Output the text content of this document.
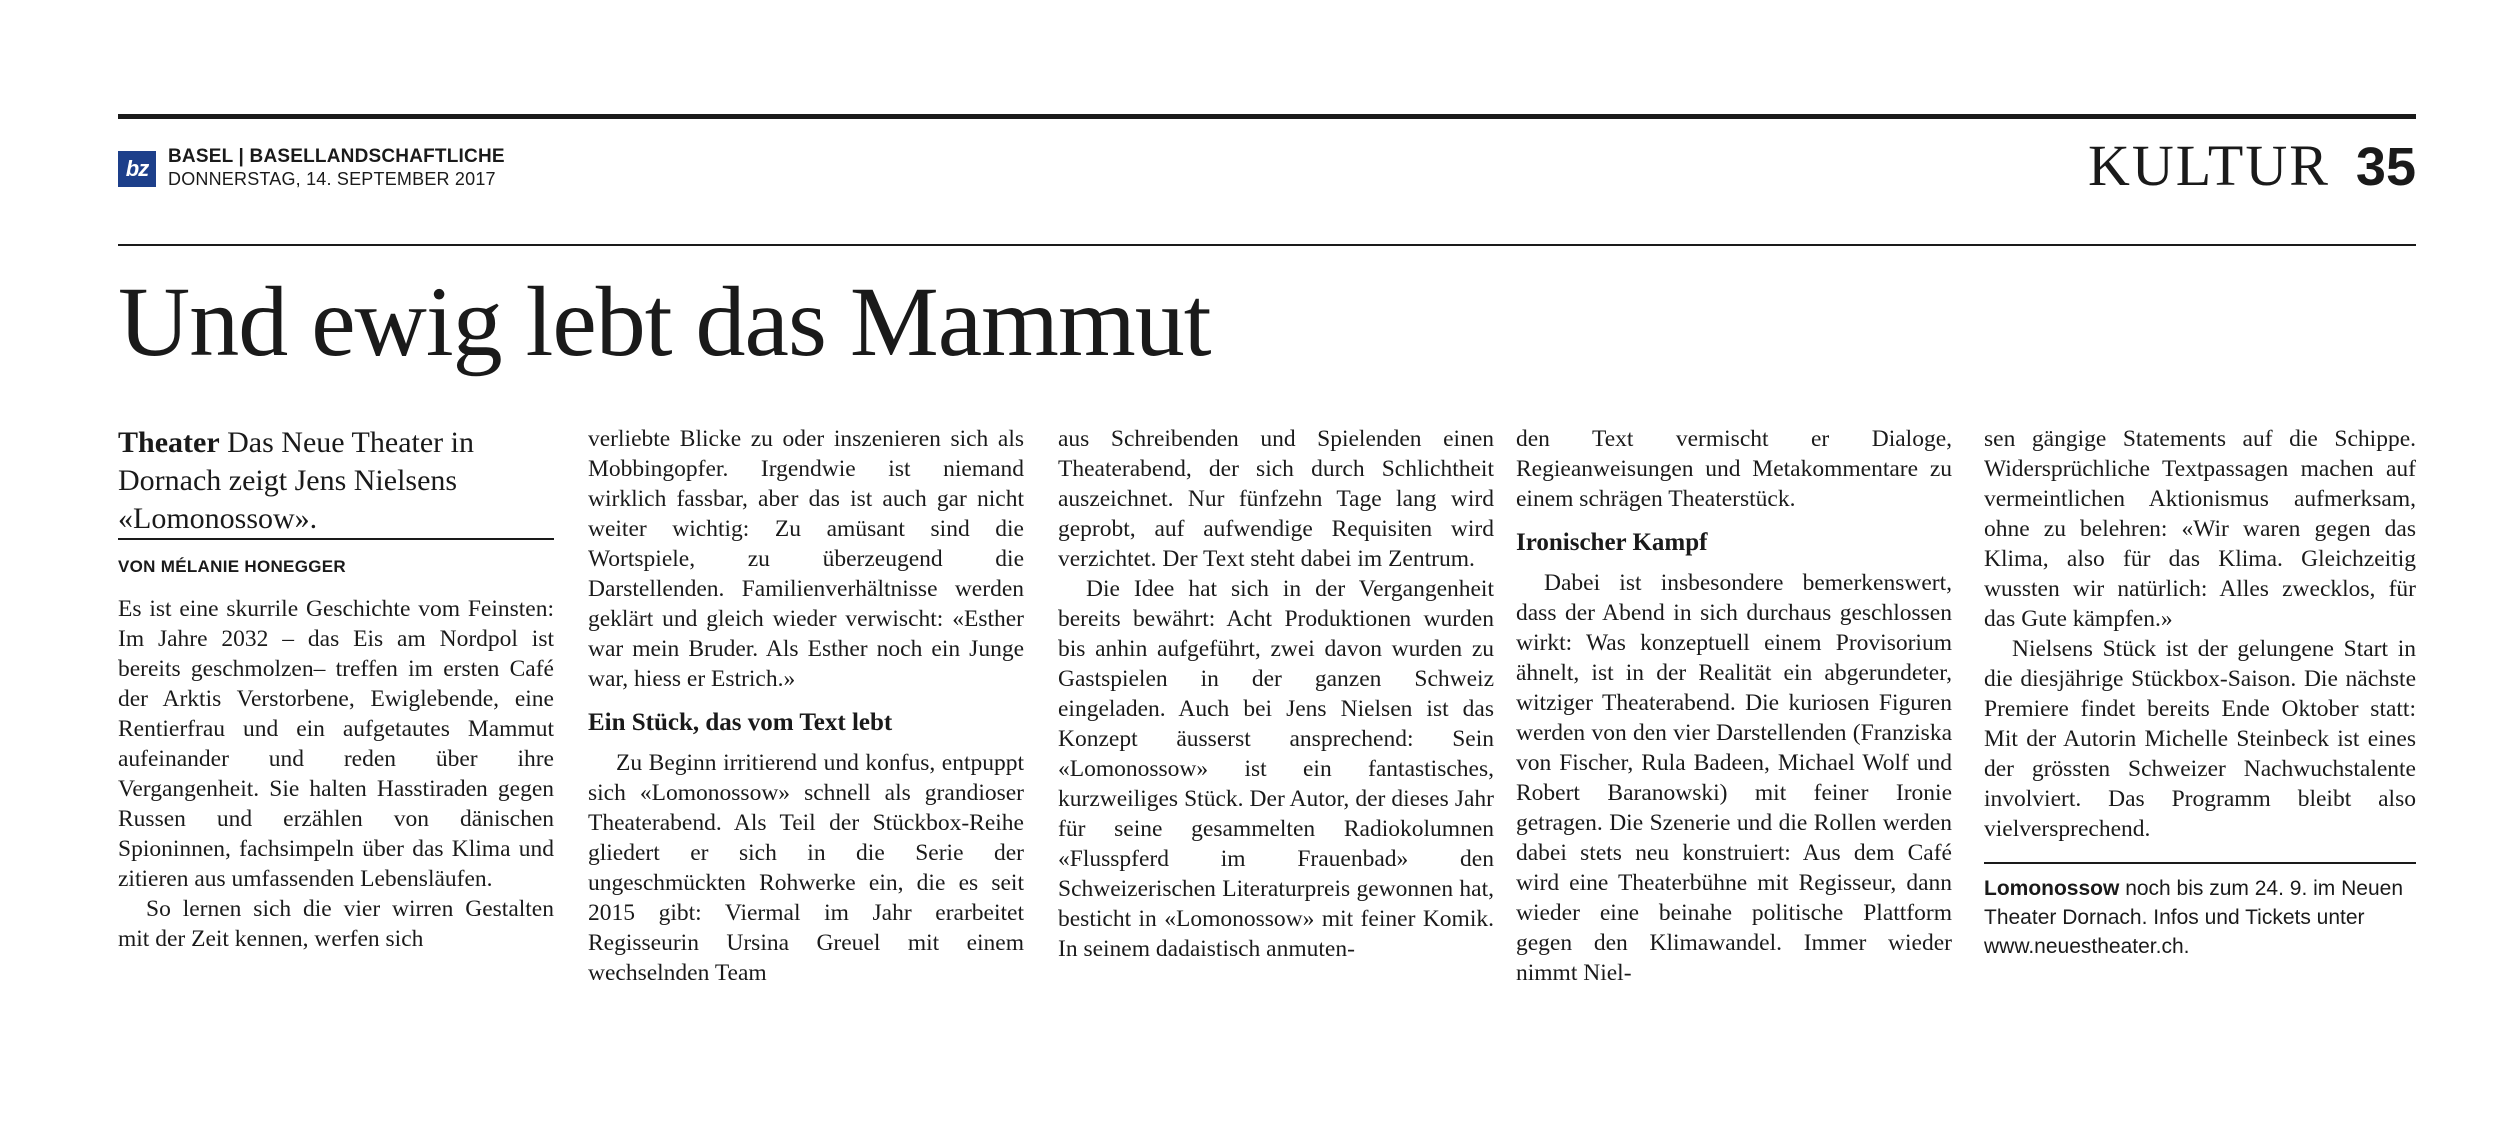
bz	BASEL | BASELLANDSCHAFTLICHE
DONNERSTAG, 14. SEPTEMBER 2017	KULTUR 35
Und ewig lebt das Mammut

Theater Das Neue Theater in Dornach zeigt Jens Nielsens «Lomonossow».

VON MÉLANIE HONEGGER

Es ist eine skurrile Geschichte vom Feinsten: Im Jahre 2032 – das Eis am Nordpol ist bereits geschmolzen– treffen im ersten Café der Arktis Verstorbene, Ewiglebende, eine Rentierfrau und ein aufgetautes Mammut aufeinander und reden über ihre Vergangenheit. Sie halten Hasstiraden gegen Russen und erzählen von dänischen Spioninnen, fachsimpeln über das Klima und zitieren aus umfassenden Lebensläufen.

So lernen sich die vier wirren Gestalten mit der Zeit kennen, werfen sich

verliebte Blicke zu oder inszenieren sich als Mobbingopfer. Irgendwie ist niemand wirklich fassbar, aber das ist auch gar nicht weiter wichtig: Zu amüsant sind die Wortspiele, zu überzeugend die Darstellenden. Familienverhältnisse werden geklärt und gleich wieder verwischt: «Esther war mein Bruder. Als Esther noch ein Junge war, hiess er Estrich.»

Ein Stück, das vom Text lebt

Zu Beginn irritierend und konfus, entpuppt sich «Lomonossow» schnell als grandioser Theaterabend. Als Teil der Stückbox-Reihe gliedert er sich in die Serie der ungeschmückten Rohwerke ein, die es seit 2015 gibt: Viermal im Jahr erarbeitet Regisseurin Ursina Greuel mit einem wechselnden Team

aus Schreibenden und Spielenden einen Theaterabend, der sich durch Schlichtheit auszeichnet. Nur fünfzehn Tage lang wird geprobt, auf aufwendige Requisiten wird verzichtet. Der Text steht dabei im Zentrum.

Die Idee hat sich in der Vergangenheit bereits bewährt: Acht Produktionen wurden bis anhin aufgeführt, zwei davon wurden zu Gastspielen in der ganzen Schweiz eingeladen. Auch bei Jens Nielsen ist das Konzept äusserst ansprechend: Sein «Lomonossow» ist ein fantastisches, kurzweiliges Stück. Der Autor, der dieses Jahr für seine gesammelten Radiokolumnen «Flusspferd im Frauenbad» den Schweizerischen Literaturpreis gewonnen hat, besticht in «Lomonossow» mit feiner Komik. In seinem dadaistisch anmuten-

den Text vermischt er Dialoge, Regieanweisungen und Metakommentare zu einem schrägen Theaterstück.

Ironischer Kampf

Dabei ist insbesondere bemerkenswert, dass der Abend in sich durchaus geschlossen wirkt: Was konzeptuell einem Provisorium ähnelt, ist in der Realität ein abgerundeter, witziger Theaterabend. Die kuriosen Figuren werden von den vier Darstellenden (Franziska von Fischer, Rula Badeen, Michael Wolf und Robert Baranowski) mit feiner Ironie getragen. Die Szenerie und die Rollen werden dabei stets neu konstruiert: Aus dem Café wird eine Theaterbühne mit Regisseur, dann wieder eine beinahe politische Plattform gegen den Klimawandel. Immer wieder nimmt Niel-

sen gängige Statements auf die Schippe. Widersprüchliche Textpassagen machen auf vermeintlichen Aktionismus aufmerksam, ohne zu belehren: «Wir waren gegen das Klima, also für das Klima. Gleichzeitig wussten wir natürlich: Alles zwecklos, für das Gute kämpfen.»

Nielsens Stück ist der gelungene Start in die diesjährige Stückbox-Saison. Die nächste Premiere findet bereits Ende Oktober statt: Mit der Autorin Michelle Steinbeck ist eines der grössten Schweizer Nachwuchstalente involviert. Das Programm bleibt also vielversprechend.

Lomonossow noch bis zum 24. 9. im Neuen Theater Dornach. Infos und Tickets unter www.neuestheater.ch.
